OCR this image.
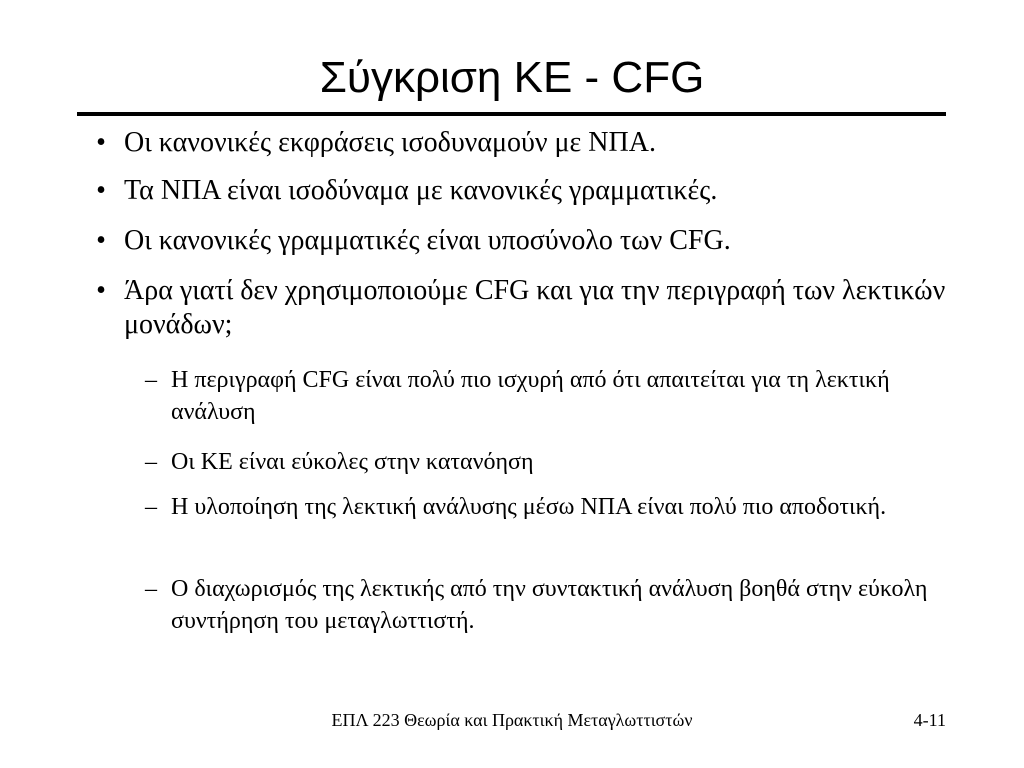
Σύγκριση ΚΕ - CFG

• Οι κανονικές εκφράσεις ισοδυναμούν με ΝΠΑ.

• Τα ΝΠΑ είναι ισοδύναμα με κανονικές γραμματικές.

• Οι κανονικές γραμματικές είναι υποσύνολο των CFG.

• Άρα γιατί δεν χρησιμοποιούμε CFG και για την περιγραφή των λεκτικών μονάδων;

– Η περιγραφή CFG είναι πολύ πιο ισχυρή από ότι απαιτείται για τη λεκτική ανάλυση

– Οι ΚΕ είναι εύκολες στην κατανόηση

– Η υλοποίηση της λεκτική ανάλυσης μέσω ΝΠΑ είναι πολύ πιο αποδοτική.

– Ο διαχωρισμός της λεκτικής από την συντακτική ανάλυση βοηθά στην εύκολη συντήρηση του μεταγλωττιστή.

ΕΠΛ 223 Θεωρία και Πρακτική Μεταγλωττιστών	4-11
